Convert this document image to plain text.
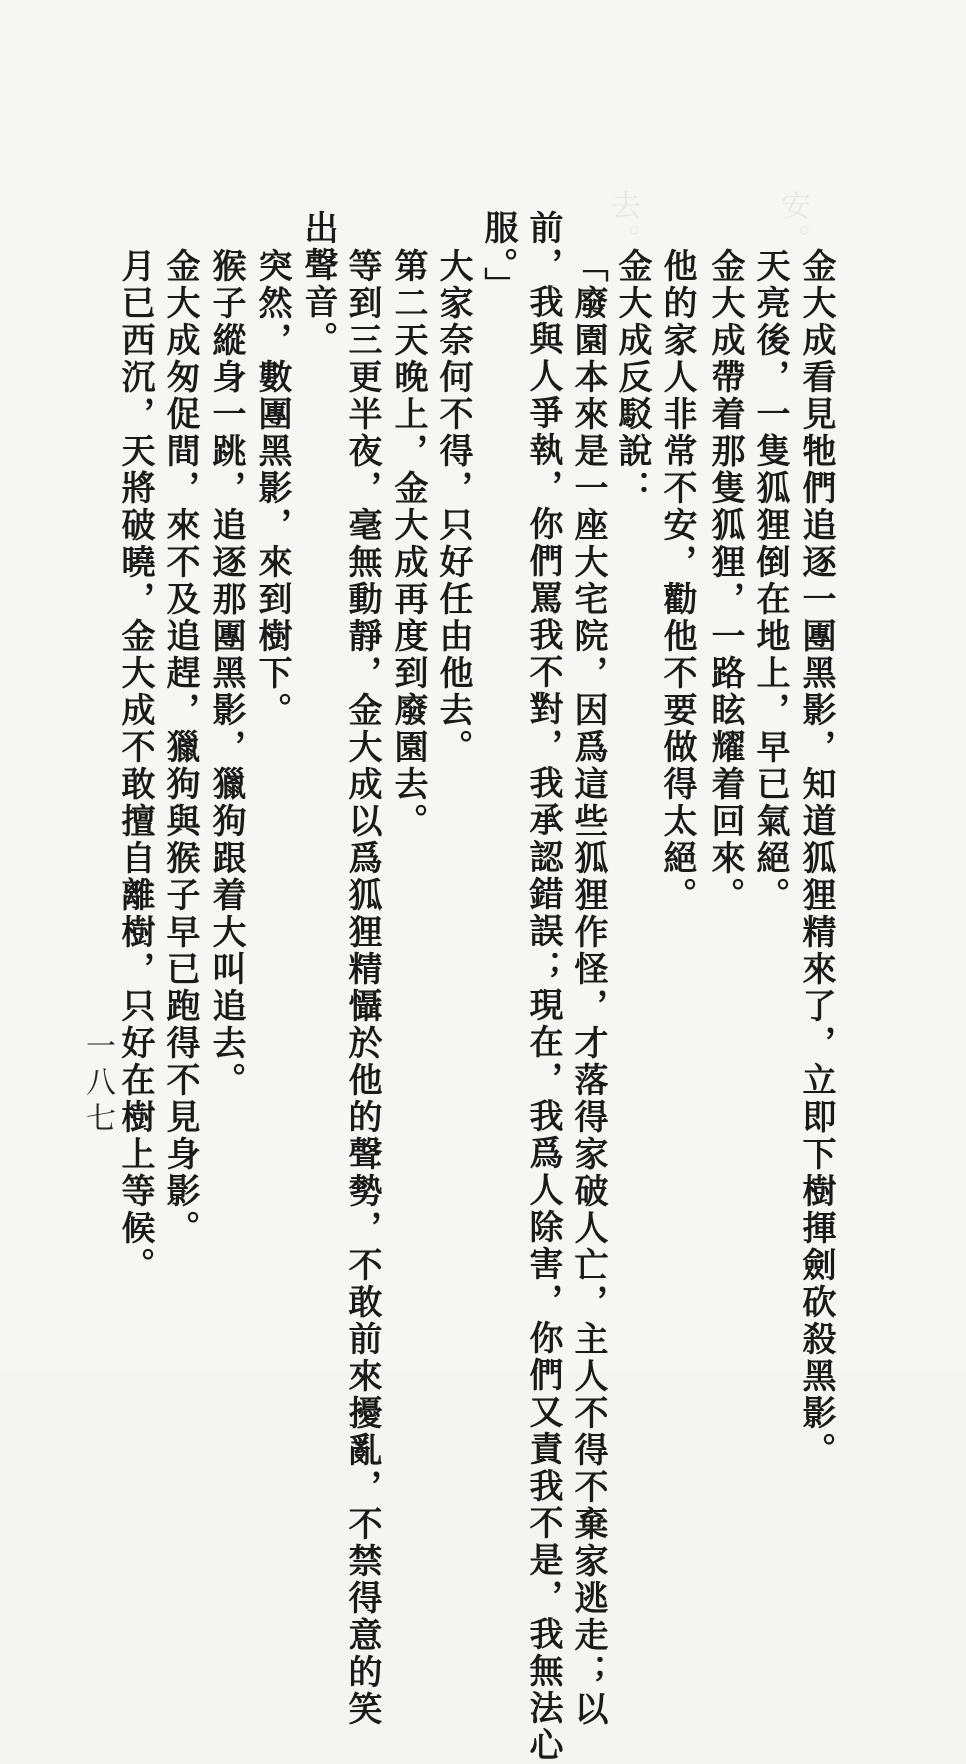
安。
去。
金大成看見牠們追逐一團黑影，知道狐狸精來了，立即下樹揮劍砍殺黑影。
天亮後，一隻狐狸倒在地上，早已氣絕。
金大成帶着那隻狐狸，一路眩耀着回來。
他的家人非常不安，勸他不要做得太絕。
金大成反駁說：
「廢園本來是一座大宅院，因爲這些狐狸作怪，才落得家破人亡，主人不得不棄家逃走；以
前，我與人爭執，你們罵我不對，我承認錯誤；現在，我爲人除害，你們又責我不是，我無法心
服。」
大家奈何不得，只好任由他去。
第二天晚上，金大成再度到廢園去。
等到三更半夜，毫無動靜，金大成以爲狐狸精懾於他的聲勢，不敢前來擾亂，不禁得意的笑
出聲音。
突然，數團黑影，來到樹下。
猴子縱身一跳，追逐那團黑影，獵狗跟着大叫追去。
金大成匆促間，來不及追趕，獵狗與猴子早已跑得不見身影。
月已西沉，天將破曉，金大成不敢擅自離樹，只好在樹上等候。
一八七
